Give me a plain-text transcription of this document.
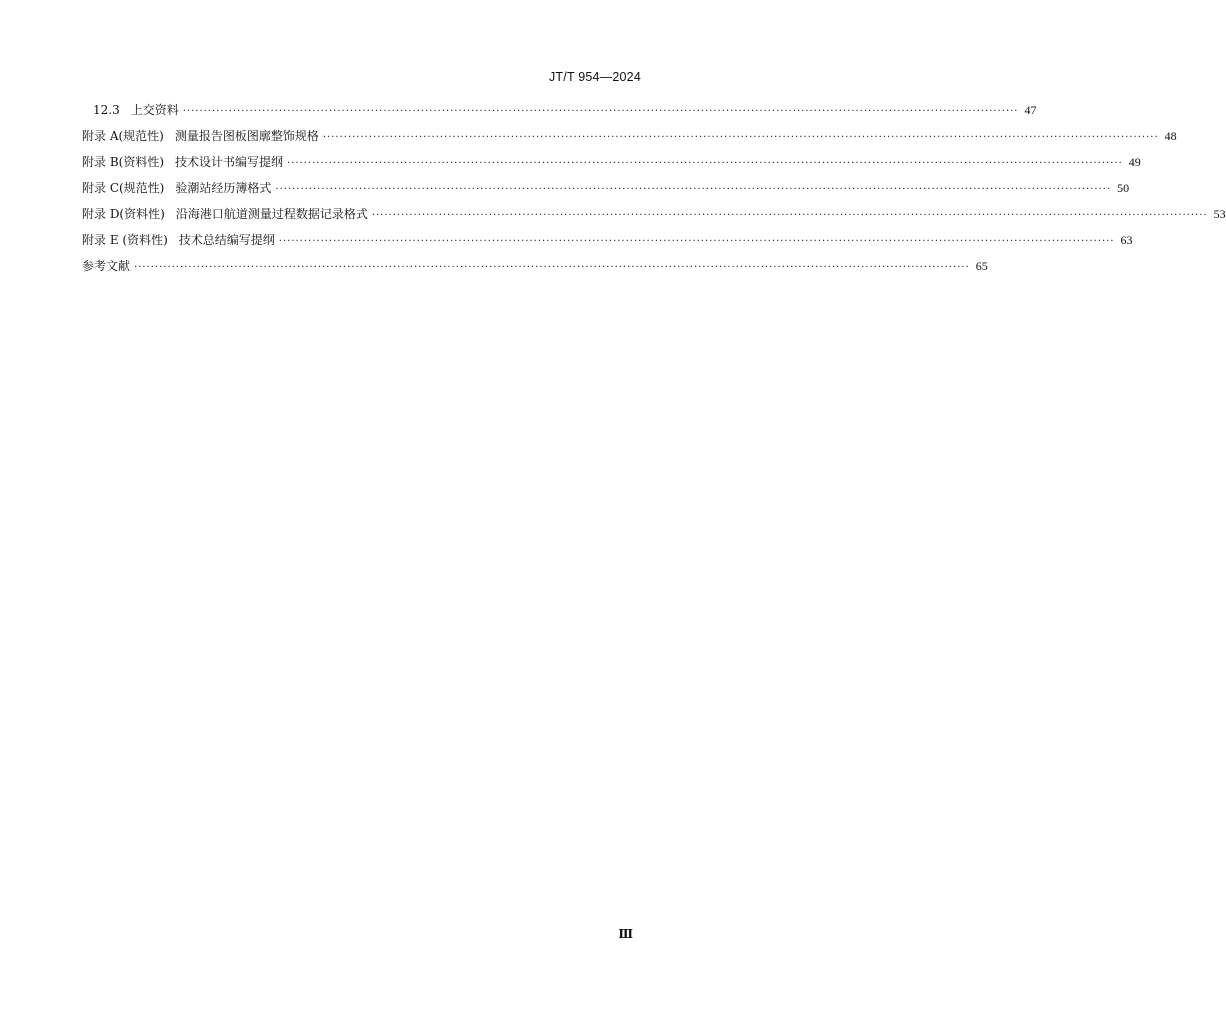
JT/T 954—2024
12.3 上交资料 ········································································································································································································ 47
附录 A(规范性) 测量报告图板图廓整饰规格 ········································································································································································································ 48
附录 B(资料性) 技术设计书编写提纲 ········································································································································································································ 49
附录 C(规范性) 验潮站经历簿格式 ········································································································································································································ 50
附录 D(资料性) 沿海港口航道测量过程数据记录格式 ········································································································································································································ 53
附录 E (资料性) 技术总结编写提纲 ········································································································································································································ 63
参考文献 ········································································································································································································ 65
Ⅲ
